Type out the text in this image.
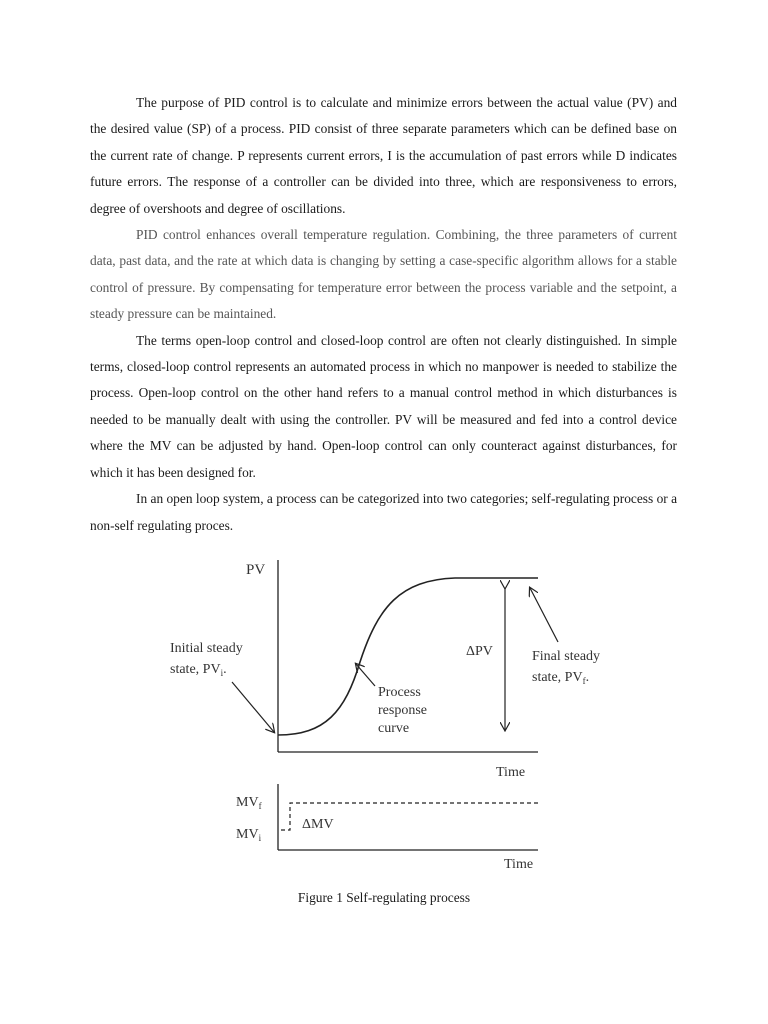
The purpose of PID control is to calculate and minimize errors between the actual value (PV) and the desired value (SP) of a process. PID consist of three separate parameters which can be defined base on the current rate of change. P represents current errors, I is the accumulation of past errors while D indicates future errors. The response of a controller can be divided into three, which are responsiveness to errors, degree of overshoots and degree of oscillations.

PID control enhances overall temperature regulation. Combining, the three parameters of current data, past data, and the rate at which data is changing by setting a case-specific algorithm allows for a stable control of pressure. By compensating for temperature error between the process variable and the setpoint, a steady pressure can be maintained.

The terms open-loop control and closed-loop control are often not clearly distinguished. In simple terms, closed-loop control represents an automated process in which no manpower is needed to stabilize the process. Open-loop control on the other hand refers to a manual control method in which disturbances is needed to be manually dealt with using the controller. PV will be measured and fed into a control device where the MV can be adjusted by hand. Open-loop control can only counteract against disturbances, for which it has been designed for.

In an open loop system, a process can be categorized into two categories; self-regulating process or a non-self regulating proces.

PV
Time
ΔPV
Initial steady
state, $PV_i$.
Final steady
state, $PV_f$.
Process
response
curve
$MV_f$
$MV_i$
ΔMV
Time

Figure 1 Self-regulating process
